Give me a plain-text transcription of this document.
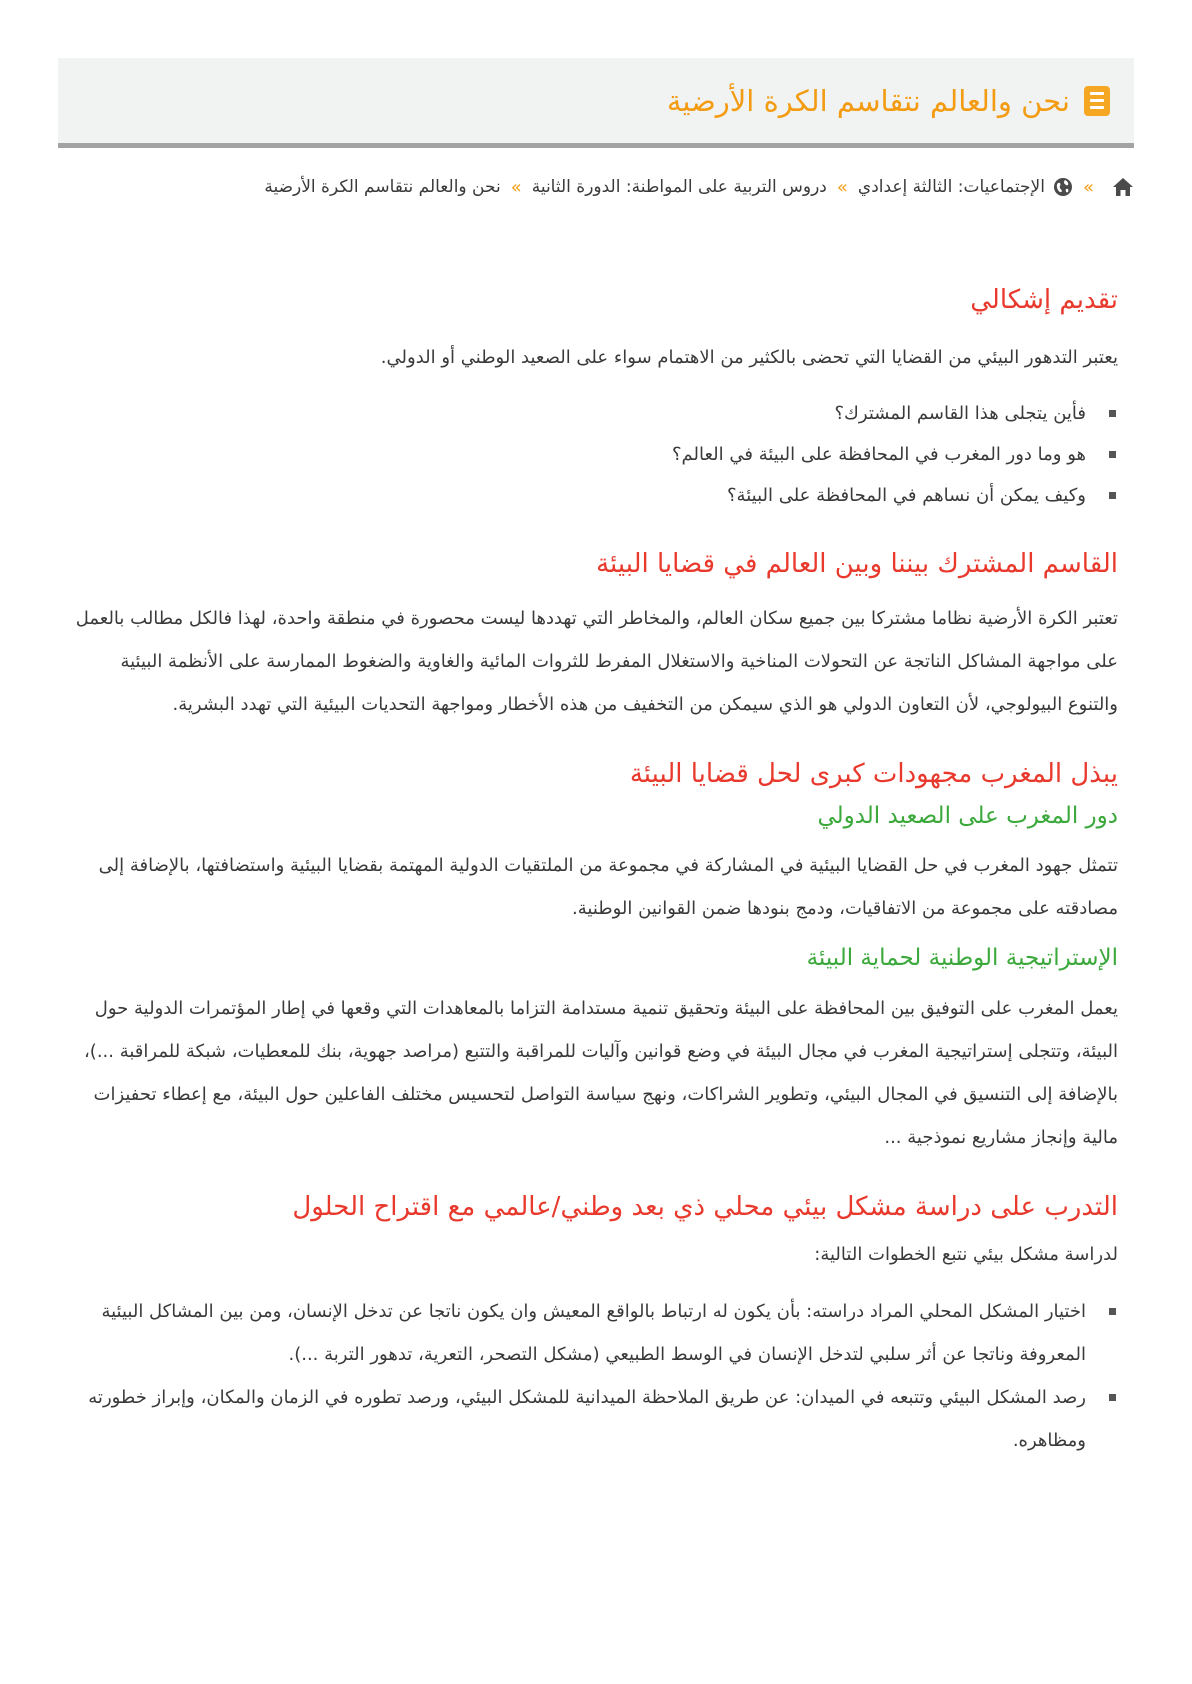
نحن والعالم نتقاسم الكرة الأرضية
»
الإجتماعيات: الثالثة إعدادي
»
دروس التربية على المواطنة: الدورة الثانية
»
نحن والعالم نتقاسم الكرة الأرضية
تقديم إشكالي

يعتبر التدهور البيئي من القضايا التي تحضى بالكثير من الاهتمام سواء على الصعيد الوطني أو الدولي.

فأين يتجلى هذا القاسم المشترك؟
هو وما دور المغرب في المحافظة على البيئة في العالم؟
وكيف يمكن أن نساهم في المحافظة على البيئة؟
القاسم المشترك بيننا وبين العالم في قضايا البيئة

تعتبر الكرة الأرضية نظاما مشتركا بين جميع سكان العالم، والمخاطر التي تهددها ليست محصورة في منطقة واحدة، لهذا فالكل مطالب بالعمل على مواجهة المشاكل الناتجة عن التحولات المناخية والاستغلال المفرط للثروات المائية والغاوية والضغوط الممارسة على الأنظمة البيئية والتنوع البيولوجي، لأن التعاون الدولي هو الذي سيمكن من التخفيف من هذه الأخطار ومواجهة التحديات البيئية التي تهدد البشرية.

يبذل المغرب مجهودات كبرى لحل قضايا البيئة
دور المغرب على الصعيد الدولي

تتمثل جهود المغرب في حل القضايا البيئية في المشاركة في مجموعة من الملتقيات الدولية المهتمة بقضايا البيئية واستضافتها، بالإضافة إلى مصادقته على مجموعة من الاتفاقيات، ودمج بنودها ضمن القوانين الوطنية.

الإستراتيجية الوطنية لحماية البيئة

يعمل المغرب على التوفيق بين المحافظة على البيئة وتحقيق تنمية مستدامة التزاما بالمعاهدات التي وقعها في إطار المؤتمرات الدولية حول البيئة، وتتجلى إستراتيجية المغرب في مجال البيئة في وضع قوانين وآليات للمراقبة والتتبع (مراصد جهوية، بنك للمعطيات، شبكة للمراقبة ...)، بالإضافة إلى التنسيق في المجال البيئي، وتطوير الشراكات، ونهج سياسة التواصل لتحسيس مختلف الفاعلين حول البيئة، مع إعطاء تحفيزات مالية وإنجاز مشاريع نموذجية ...

التدرب على دراسة مشكل بيئي محلي ذي بعد وطني/عالمي مع اقتراح الحلول

لدراسة مشكل بيئي نتبع الخطوات التالية:

اختيار المشكل المحلي المراد دراسته: بأن يكون له ارتباط بالواقع المعيش وان يكون ناتجا عن تدخل الإنسان، ومن بين المشاكل البيئية المعروفة وناتجا عن أثر سلبي لتدخل الإنسان في الوسط الطبيعي (مشكل التصحر، التعرية، تدهور التربة ...).
رصد المشكل البيئي وتتبعه في الميدان: عن طريق الملاحظة الميدانية للمشكل البيئي، ورصد تطوره في الزمان والمكان، وإبراز خطورته ومظاهره.
